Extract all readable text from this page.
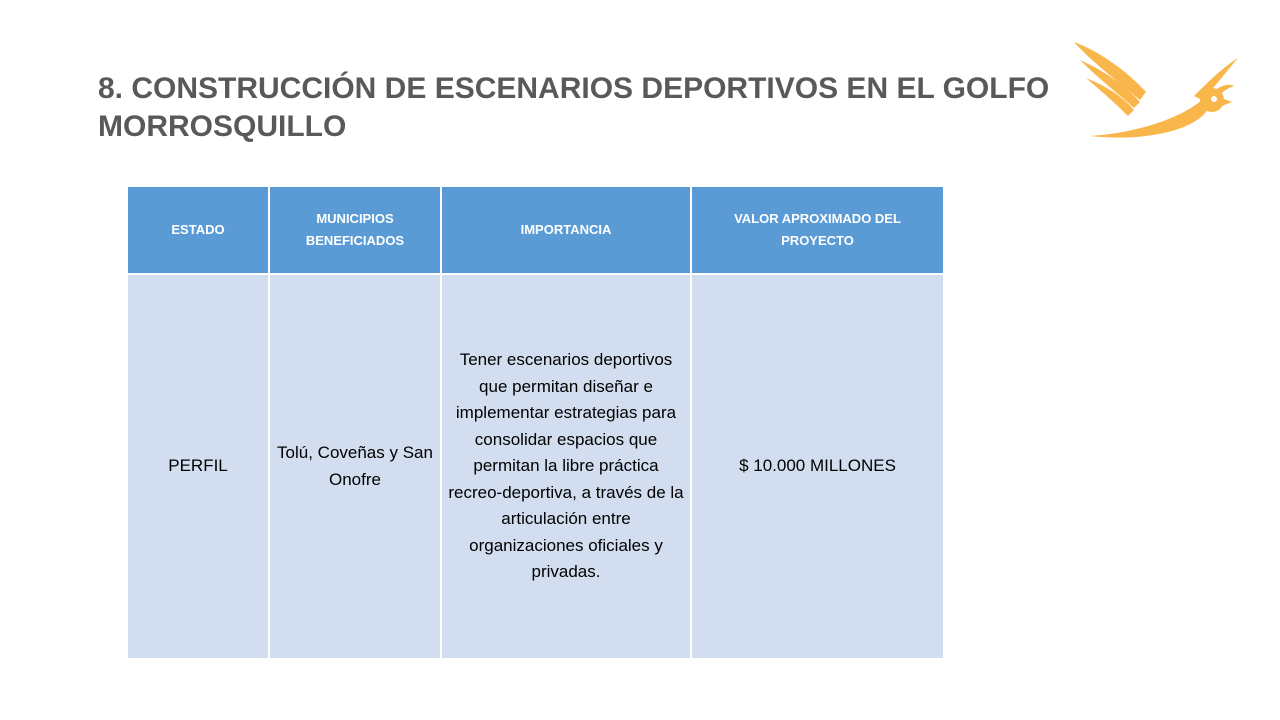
8. CONSTRUCCIÓN DE ESCENARIOS DEPORTIVOS EN EL GOLFO MORROSQUILLO
ESTADO	MUNICIPIOS BENEFICIADOS	IMPORTANCIA	VALOR APROXIMADO DEL PROYECTO
PERFIL	Tolú, Coveñas y San Onofre	Tener escenarios deportivos que permitan diseñar e implementar estrategias para consolidar espacios que permitan la libre práctica recreo-deportiva, a través de la articulación entre organizaciones oficiales y privadas.	$ 10.000 MILLONES
